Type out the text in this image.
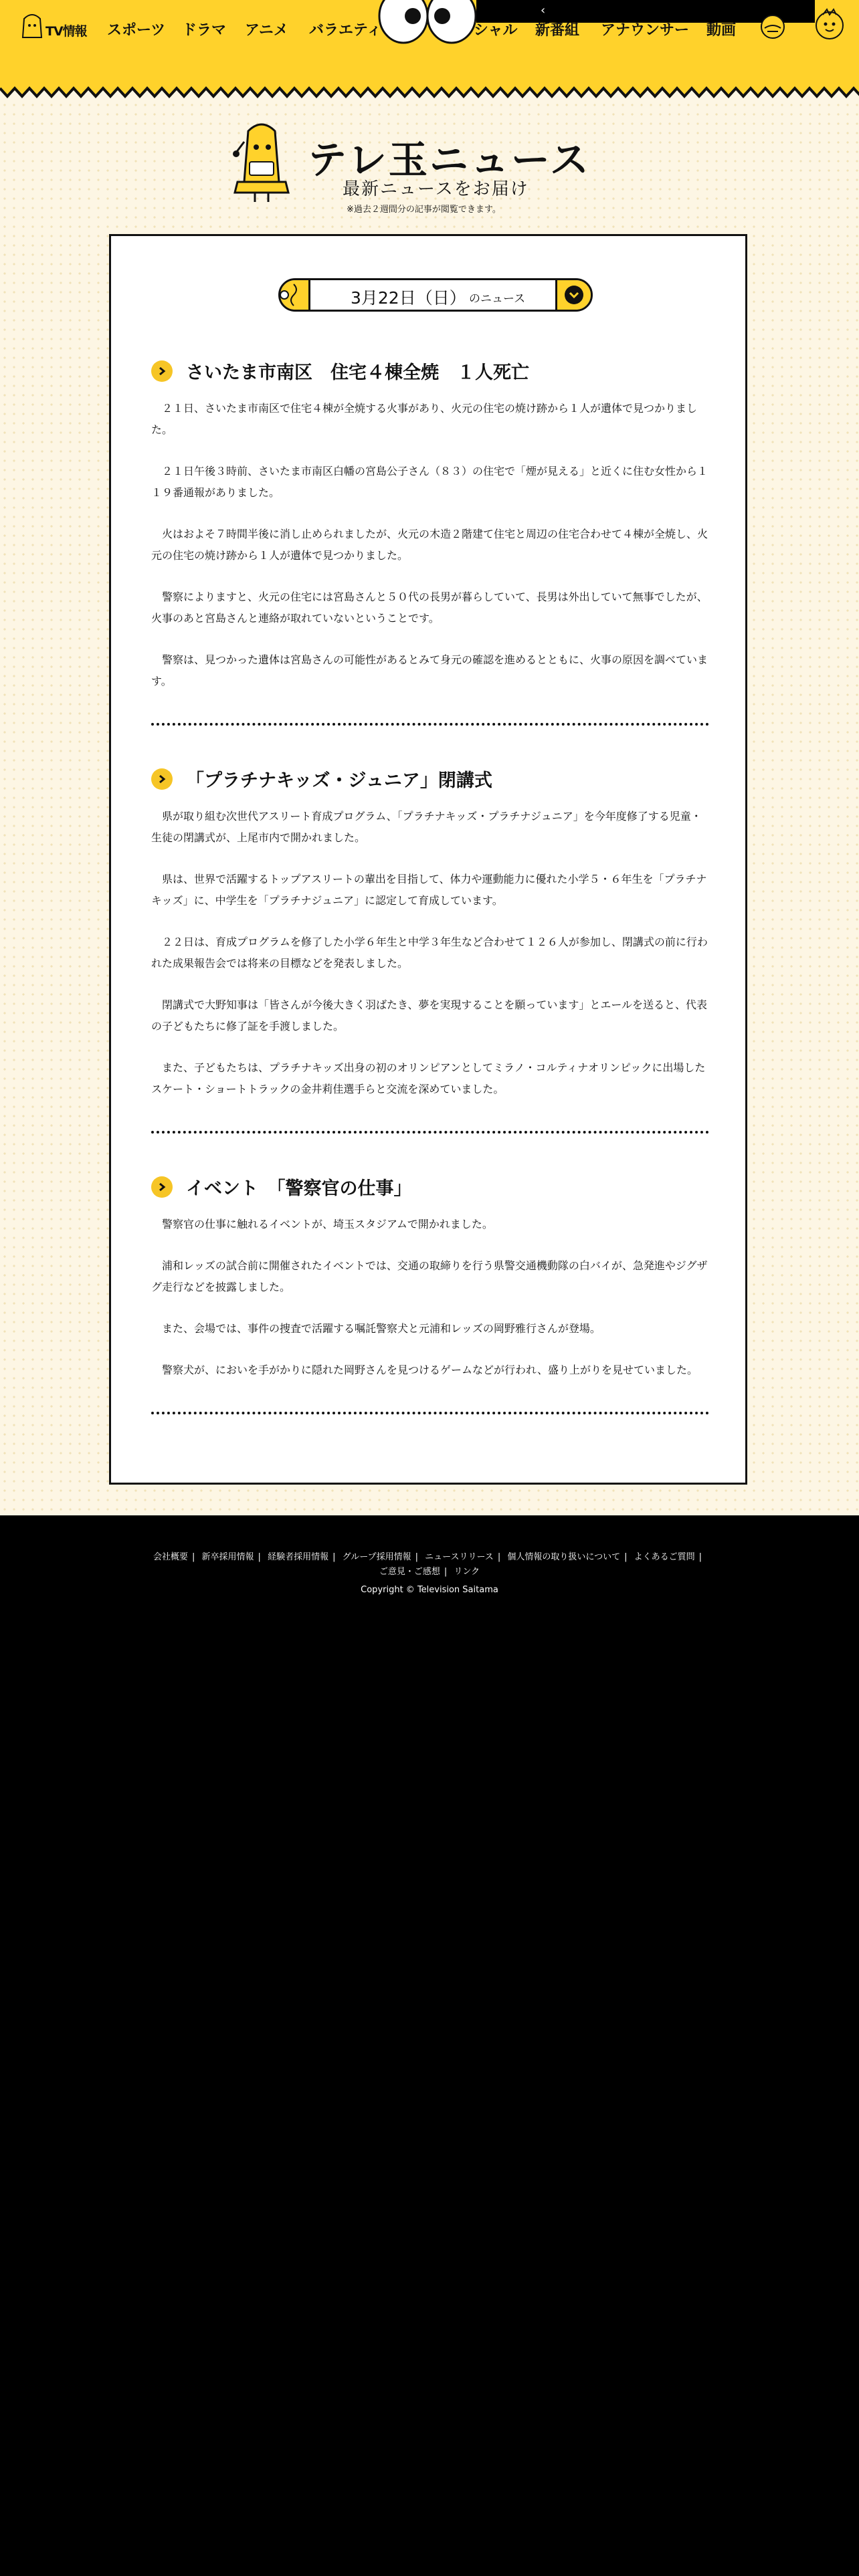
TV情報 スポーツ ドラマ アニメ バラエティ
‹
シャル 新番組 アナウンサー 動画
テレ玉ニュース
最新ニュースをお届け
※過去２週間分の記事が閲覧できます。
3月22日（日） のニュース
さいたま市南区　住宅４棟全焼　１人死亡

２１日、さいたま市南区で住宅４棟が全焼する火事があり、火元の住宅の焼け跡から１人が遺体で見つかりました。

２１日午後３時前、さいたま市南区白幡の宮島公子さん（８３）の住宅で「煙が見える」と近くに住む女性から１１９番通報がありました。

火はおよそ７時間半後に消し止められましたが、火元の木造２階建て住宅と周辺の住宅合わせて４棟が全焼し、火元の住宅の焼け跡から１人が遺体で見つかりました。

警察によりますと、火元の住宅には宮島さんと５０代の長男が暮らしていて、長男は外出していて無事でしたが、火事のあと宮島さんと連絡が取れていないということです。

警察は、見つかった遺体は宮島さんの可能性があるとみて身元の確認を進めるとともに、火事の原因を調べています。

「プラチナキッズ・ジュニア」閉講式

県が取り組む次世代アスリート育成プログラム、「プラチナキッズ・プラチナジュニア」を今年度修了する児童・生徒の閉講式が、上尾市内で開かれました。

県は、世界で活躍するトップアスリートの輩出を目指して、体力や運動能力に優れた小学５・６年生を「プラチナキッズ」に、中学生を「プラチナジュニア」に認定して育成しています。

２２日は、育成プログラムを修了した小学６年生と中学３年生など合わせて１２６人が参加し、閉講式の前に行われた成果報告会では将来の目標などを発表しました。

閉講式で大野知事は「皆さんが今後大きく羽ばたき、夢を実現することを願っています」とエールを送ると、代表の子どもたちに修了証を手渡しました。

また、子どもたちは、プラチナキッズ出身の初のオリンピアンとしてミラノ・コルティナオリンピックに出場したスケート・ショートトラックの金井莉佳選手らと交流を深めていました。

イベント　「警察官の仕事」

警察官の仕事に触れるイベントが、埼玉スタジアムで開かれました。

浦和レッズの試合前に開催されたイベントでは、交通の取締りを行う県警交通機動隊の白バイが、急発進やジグザグ走行などを披露しました。

また、会場では、事件の捜査で活躍する嘱託警察犬と元浦和レッズの岡野雅行さんが登場。

警察犬が、においを手がかりに隠れた岡野さんを見つけるゲームなどが行われ、盛り上がりを見せていました。

会社概要 | 新卒採用情報 | 経験者採用情報 | グループ採用情報 | ニュースリリース | 個人情報の取り扱いについて | よくあるご質問 |
ご意見・ご感想 | リンク
Copyright © Television Saitama
